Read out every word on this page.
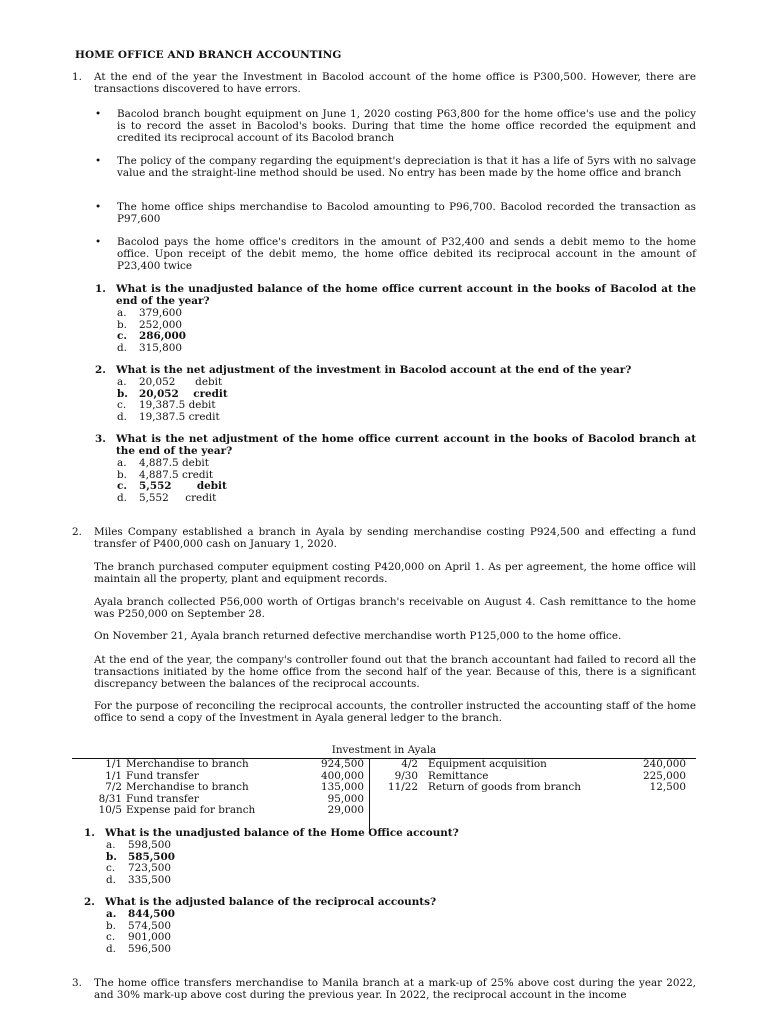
HOME OFFICE AND BRANCH ACCOUNTING
1. At the end of the year the Investment in Bacolod account of the home office is P300,500. However, there are transactions discovered to have errors.
• Bacolod branch bought equipment on June 1, 2020 costing P63,800 for the home office's use and the policy is to record the asset in Bacolod's books. During that time the home office recorded the equipment and credited its reciprocal account of its Bacolod branch
• The policy of the company regarding the equipment's depreciation is that it has a life of 5yrs with no salvage value and the straight-line method should be used. No entry has been made by the home office and branch
• The home office ships merchandise to Bacolod amounting to P96,700. Bacolod recorded the transaction as P97,600
• Bacolod pays the home office's creditors in the amount of P32,400 and sends a debit memo to the home office. Upon receipt of the debit memo, the home office debited its reciprocal account in the amount of P23,400 twice
1. What is the unadjusted balance of the home office current account in the books of Bacolod at the end of the year?
a.	379,600
b.	252,000
c.	286,000
d.	315,800
2. What is the net adjustment of the investment in Bacolod account at the end of the year?
a.	20,052      debit
b.	20,052    credit
c.	19,387.5 debit
d.	19,387.5 credit
3. What is the net adjustment of the home office current account in the books of Bacolod branch at the end of the year?
a.	4,887.5 debit
b.	4,887.5 credit
c.	5,552       debit
d.	5,552     credit
2. Miles Company established a branch in Ayala by sending merchandise costing P924,500 and effecting a fund transfer of P400,000 cash on January 1, 2020.
The branch purchased computer equipment costing P420,000 on April 1. As per agreement, the home office will maintain all the property, plant and equipment records.
Ayala branch collected P56,000 worth of Ortigas branch's receivable on August 4. Cash remittance to the home was P250,000 on September 28.
On November 21, Ayala branch returned defective merchandise worth P125,000 to the home office.
At the end of the year, the company's controller found out that the branch accountant had failed to record all the transactions initiated by the home office from the second half of the year. Because of this, there is a significant discrepancy between the balances of the reciprocal accounts.
For the purpose of reconciling the reciprocal accounts, the controller instructed the accounting staff of the home office to send a copy of the Investment in Ayala general ledger to the branch.
Investment in Ayala
1/1 Merchandise to branch	924,500	4/2 Equipment acquisition	240,000
1/1 Fund transfer	400,000	9/30 Remittance	225,000
7/2 Merchandise to branch	135,000	11/22 Return of goods from branch	12,500
8/31 Fund transfer	95,000
10/5 Expense paid for branch	29,000
1. What is the unadjusted balance of the Home Office account?
a.	598,500
b.	585,500
c.	723,500
d.	335,500
2. What is the adjusted balance of the reciprocal accounts?
a.	844,500
b.	574,500
c.	901,000
d.	596,500
3. The home office transfers merchandise to Manila branch at a mark-up of 25% above cost during the year 2022, and 30% mark-up above cost during the previous year. In 2022, the reciprocal account in the income
